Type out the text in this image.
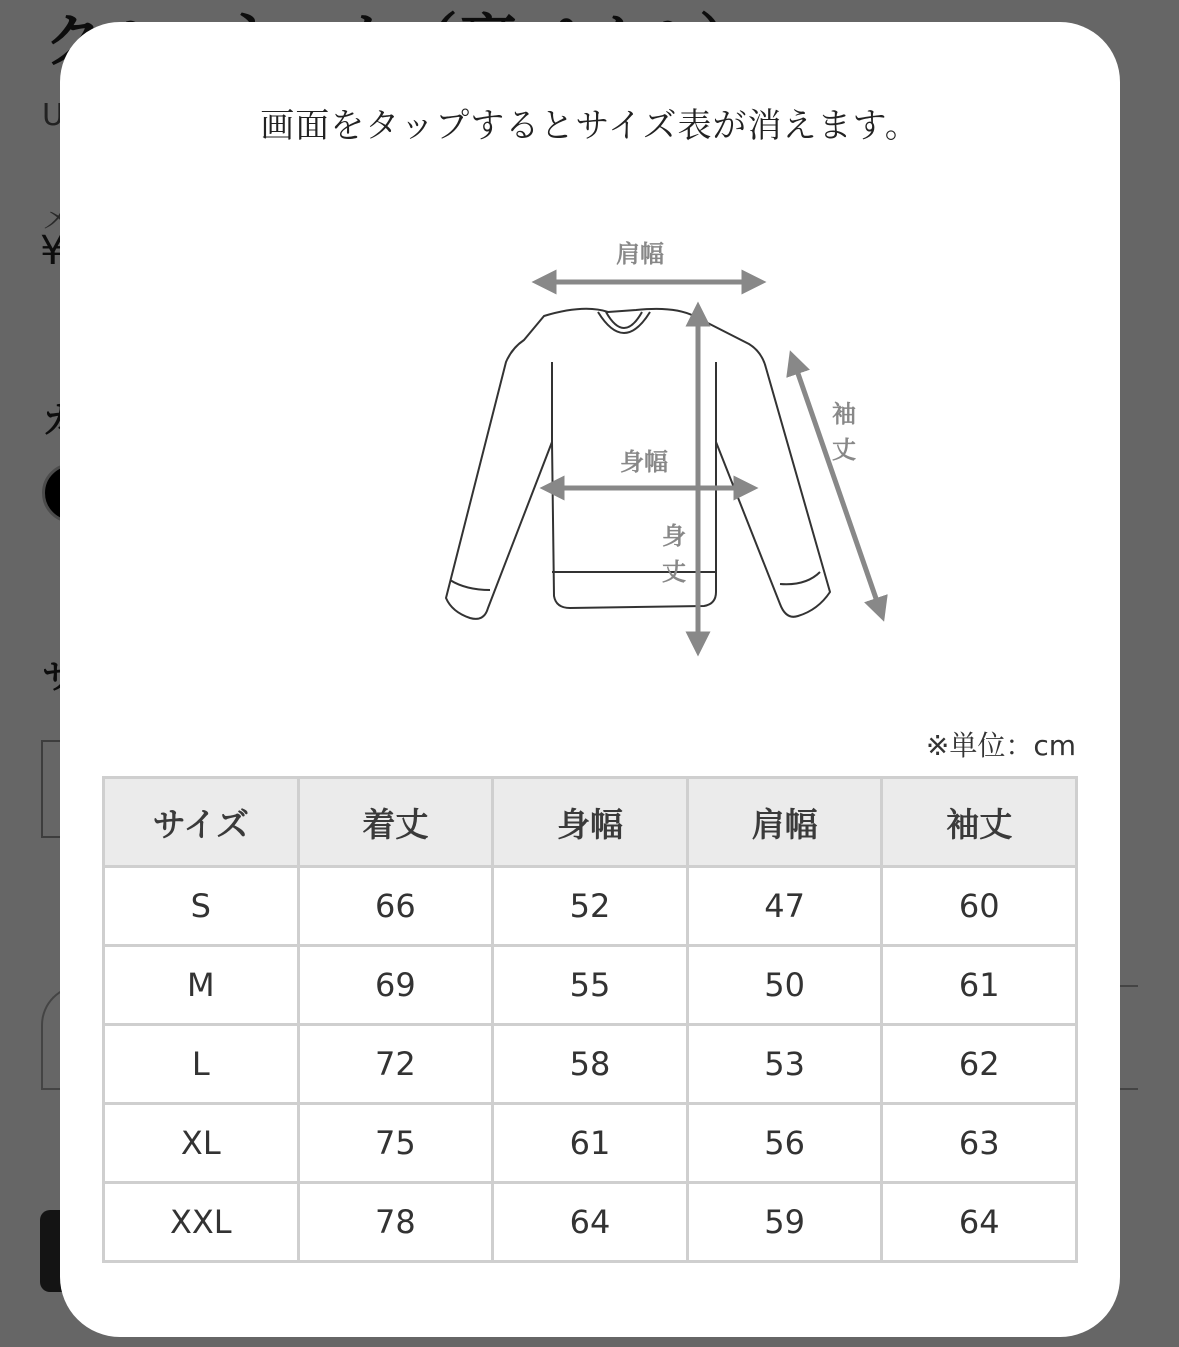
画面をタップするとサイズ表が消えます。
肩幅
身幅
身
丈
袖
丈
※単位：cm
サイズ	着丈	身幅	肩幅	袖丈
S	66	52	47	60
M	69	55	50	61
L	72	58	53	62
XL	75	61	56	63
XXL	78	64	59	64
